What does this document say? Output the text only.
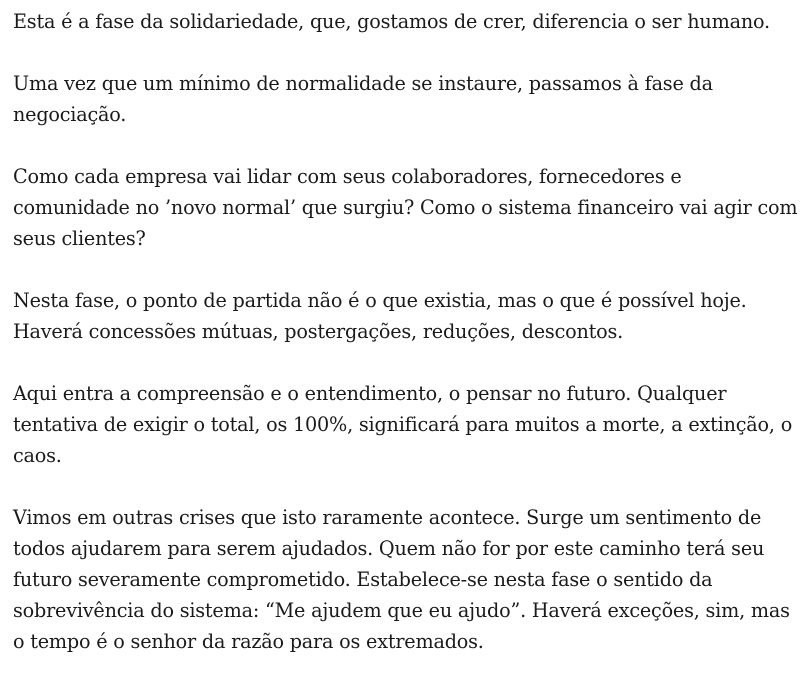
Esta é a fase da solidariedade, que, gostamos de crer, diferencia o ser humano.

Uma vez que um mínimo de normalidade se instaure, passamos à fase da negociação.

Como cada empresa vai lidar com seus colaboradores, fornecedores e comunidade no ’novo normal’ que surgiu? Como o sistema financeiro vai agir com seus clientes?

Nesta fase, o ponto de partida não é o que existia, mas o que é possível hoje. Haverá concessões mútuas, postergações, reduções, descontos.

Aqui entra a compreensão e o entendimento, o pensar no futuro. Qualquer tentativa de exigir o total, os 100%, significará para muitos a morte, a extinção, o caos.

Vimos em outras crises que isto raramente acontece. Surge um sentimento de todos ajudarem para serem ajudados. Quem não for por este caminho terá seu futuro severamente comprometido. Estabelece-se nesta fase o sentido da sobrevivência do sistema: “Me ajudem que eu ajudo”. Haverá exceções, sim, mas o tempo é o senhor da razão para os extremados.
